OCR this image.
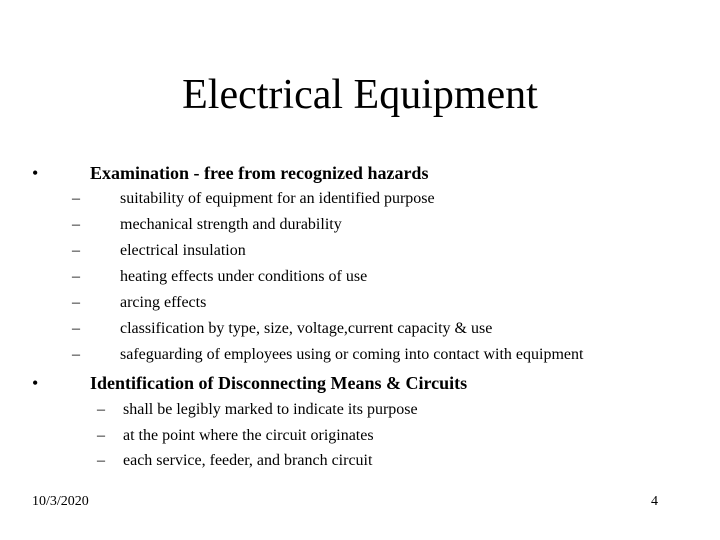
Electrical Equipment
•	Examination - free from recognized hazards
–	suitability of equipment for an identified purpose
–	mechanical strength and durability
–	electrical insulation
–	heating effects under conditions of use
–	arcing effects
–	classification by type, size, voltage,current capacity & use
–	safeguarding of employees using or coming into contact with equipment
•	Identification of Disconnecting Means & Circuits
– shall be legibly marked to indicate its purpose
– at the point where the circuit originates
– each service, feeder, and branch circuit
10/3/2020	4
